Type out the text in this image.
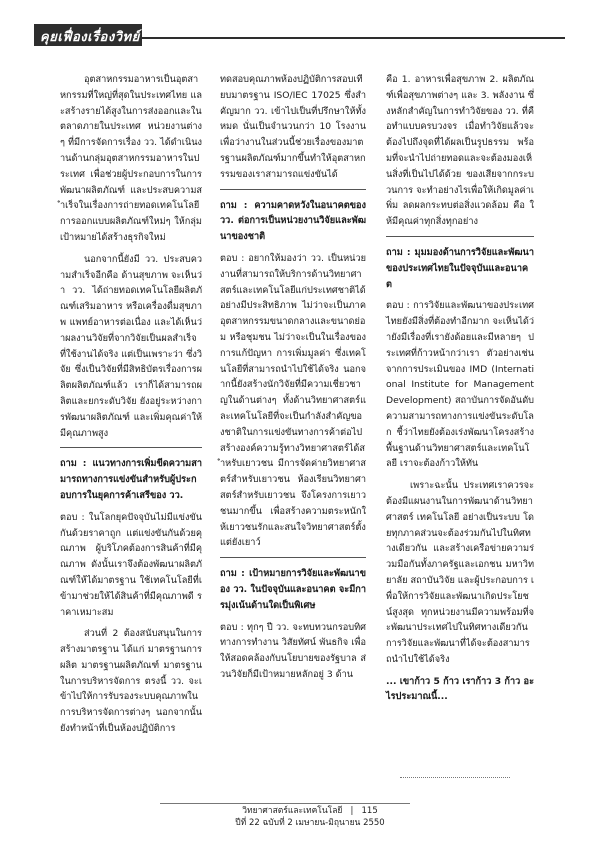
คุยเฟื่องเรื่องวิทย์

อุตสาหกรรมอาหารเป็นอุตสาหกรรมที่ใหญ่ที่สุดในประเทศไทย และสร้างรายได้สูงในการส่งออกและในตลาดภายในประเทศ หน่วยงานต่างๆ ที่มีการจัดการเรื่อง วว. ได้ดำเนินงานด้านกลุ่มอุตสาหกรรมอาหารในประเทศ เพื่อช่วยผู้ประกอบการในการพัฒนาผลิตภัณฑ์ และประสบความสำเร็จในเรื่องการถ่ายทอดเทคโนโลยี การออกแบบผลิตภัณฑ์ใหม่ๆ ให้กลุ่มเป้าหมายได้สร้างธุรกิจใหม่

นอกจากนี้ยังมี วว. ประสบความสำเร็จอีกคือ ด้านสุขภาพ จะเห็นว่า วว. ได้ถ่ายทอดเทคโนโลยีผลิตภัณฑ์เสริมอาหาร หรือเครื่องดื่มสุขภาพ แพทย์อาหารต่อเนื่อง และได้เห็นว่าผลงานวิจัยที่จากวิจัยเป็นผลสำเร็จที่ใช้งานได้จริง แต่เป็นเพราะว่า ซึ่งวิจัย ซึ่งเป็นวิจัยที่มีสิทธิบัตรเรื่องการผลิตผลิตภัณฑ์แล้ว เราก็ได้สามารถผลิตและยกระดับวิจัย ยังอยู่ระหว่างการพัฒนาผลิตภัณฑ์ และเพิ่มคุณค่าให้มีคุณภาพสูง

ถาม : แนวทางการเพิ่มขีดความสามารถทางการแข่งขันสำหรับผู้ประกอบการในยุคการค้าเสรีของ วว.

ตอบ : ในโลกยุคปัจจุบันไม่มีแข่งขันกันด้วยราคาถูก แต่แข่งขันกันด้วยคุณภาพ ผู้บริโภคต้องการสินค้าที่มีคุณภาพ ดังนั้นเราจึงต้องพัฒนาผลิตภัณฑ์ให้ได้มาตรฐาน ใช้เทคโนโลยีที่เข้ามาช่วยให้ได้สินค้าที่มีคุณภาพดี ราคาเหมาะสม

ส่วนที่ 2 ต้องสนับสนุนในการสร้างมาตรฐาน ได้แก่ มาตรฐานการผลิต มาตรฐานผลิตภัณฑ์ มาตรฐานในการบริหารจัดการ ตรงนี้ วว. จะเข้าไปให้การรับรองระบบคุณภาพในการบริหารจัดการต่างๆ นอกจากนั้น ยังทำหน้าที่เป็นห้องปฏิบัติการ

ทดสอบคุณภาพห้องปฏิบัติการสอบเทียบมาตรฐาน ISO/IEC 17025 ซึ่งสำคัญมาก วว. เข้าไปเป็นที่ปรึกษาให้ทั้งหมด นั่นเป็นจำนวนกว่า 10 โรงงาน เพื่อว่างานในส่วนนี้ช่วยเรื่องของมาตรฐานผลิตภัณฑ์มากขึ้นทำให้อุตสาหกรรมของเราสามารถแข่งขันได้

ถาม : ความคาดหวังในอนาคตของ วว. ต่อการเป็นหน่วยงานวิจัยและพัฒนาของชาติ

ตอบ : อยากให้มองว่า วว. เป็นหน่วยงานที่สามารถให้บริการด้านวิทยาศาสตร์และเทคโนโลยีแก่ประเทศชาติได้อย่างมีประสิทธิภาพ ไม่ว่าจะเป็นภาคอุตสาหกรรมขนาดกลางและขนาดย่อม หรือชุมชน ไม่ว่าจะเป็นในเรื่องของการแก้ปัญหา การเพิ่มมูลค่า ซึ่งเทคโนโลยีที่สามารถนำไปใช้ได้จริง นอกจากนี้ยังสร้างนักวิจัยที่มีความเชี่ยวชาญในด้านต่างๆ ทั้งด้านวิทยาศาสตร์และเทคโนโลยีที่จะเป็นกำลังสำคัญของชาติในการแข่งขันทางการค้าต่อไป สร้างองค์ความรู้ทางวิทยาศาสตร์ได้สำหรับเยาวชน มีการจัดค่ายวิทยาศาสตร์สำหรับเยาวชน ห้องเรียนวิทยาศาสตร์สำหรับเยาวชน จึงโครงการเยาวชนมากขึ้น เพื่อสร้างความตระหนักให้เยาวชนรักและสนใจวิทยาศาสตร์ตั้งแต่ยังเยาว์

ถาม : เป้าหมายการวิจัยและพัฒนาของ วว. ในปัจจุบันและอนาคต จะมีการมุ่งเน้นด้านใดเป็นพิเศษ

ตอบ : ทุกๆ ปี วว. จะทบทวนกรอบทิศทางการทำงาน วิสัยทัศน์ พันธกิจ เพื่อให้สอดคล้องกับนโยบายของรัฐบาล ส่วนวิจัยก็มีเป้าหมายหลักอยู่ 3 ด้าน

คือ 1. อาหารเพื่อสุขภาพ 2. ผลิตภัณฑ์เพื่อสุขภาพต่างๆ และ 3. พลังงาน ซึ่งหลักสำคัญในการทำวิจัยของ วว. ที่คือทำแบบครบวงจร เมื่อทำวิจัยแล้วจะต้องไปถึงจุดที่ได้ผลเป็นรูปธรรม พร้อมที่จะนำไปถ่ายทอดและจะต้องมองเห็นสิ่งที่เป็นไปได้ด้วย ของเสียจากกระบวนการ จะทำอย่างไรเพื่อให้เกิดมูลค่าเพิ่ม ลดผลกระทบต่อสิ่งแวดล้อม คือ ให้มีคุณค่าทุกสิ่งทุกอย่าง

ถาม : มุมมองด้านการวิจัยและพัฒนาของประเทศไทยในปัจจุบันและอนาคต

ตอบ : การวิจัยและพัฒนาของประเทศไทยยังมีสิ่งที่ต้องทำอีกมาก จะเห็นได้ว่ายังมีเรื่องที่เรายังด้อยและมีหลายๆ ประเทศที่ก้าวหน้ากว่าเรา ตัวอย่างเช่น จากการประเมินของ IMD (International Institute for Management Development) สถาบันการจัดอันดับความสามารถทางการแข่งขันระดับโลก ชี้ว่าไทยยังต้องเร่งพัฒนาโครงสร้างพื้นฐานด้านวิทยาศาสตร์และเทคโนโลยี เราจะต้องก้าวให้ทัน

เพราะฉะนั้น ประเทศเราควรจะต้องมีแผนงานในการพัฒนาด้านวิทยาศาสตร์ เทคโนโลยี อย่างเป็นระบบ โดยทุกภาคส่วนจะต้องร่วมกันไปในทิศทางเดียวกัน และสร้างเครือข่ายความร่วมมือกันทั้งภาครัฐและเอกชน มหาวิทยาลัย สถาบันวิจัย และผู้ประกอบการ เพื่อให้การวิจัยและพัฒนาเกิดประโยชน์สูงสุด ทุกหน่วยงานมีความพร้อมที่จะพัฒนาประเทศไปในทิศทางเดียวกัน การวิจัยและพัฒนาที่ได้จะต้องสามารถนำไปใช้ได้จริง

... เขาก้าว 5 ก้าว เราก้าว 3 ก้าว อะไรประมาณนี้...

วิทยาศาสตร์และเทคโนโลยี   |   115
ปีที่ 22 ฉบับที่ 2 เมษายน-มิถุนายน 2550
